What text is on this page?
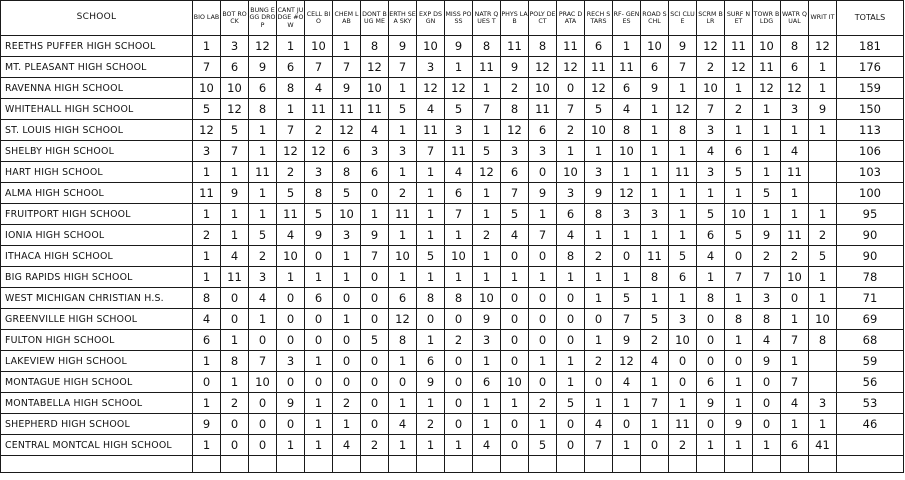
SCHOOL	BIO LAB	BOT ROCK	BUNG EGG DROP	CANT JUDGE #OW	CELL BIO	CHEM LAB	DONT BUG ME	ERTH SEA SKY	EXP DSGN	MISS POSS	NATR QUES T	PHYS LAB	POLY DECT	PRAC DATA	RECH STARS	RF- GENES	ROAD SCHL	SCI CLUE	SCRM BLR	SURF NET	TOWR BLDG	WATR QUAL	WRIT IT	TOTALS
REETHS PUFFER HIGH SCHOOL	1	3	12	1	10	1	8	9	10	9	8	11	8	11	6	1	10	9	12	11	10	8	12	181
MT. PLEASANT HIGH SCHOOL	7	6	9	6	7	7	12	7	3	1	11	9	12	12	11	11	6	7	2	12	11	6	1	176
RAVENNA HIGH SCHOOL	10	10	6	8	4	9	10	1	12	12	1	2	10	0	12	6	9	1	10	1	12	12	1	159
WHITEHALL HIGH SCHOOL	5	12	8	1	11	11	11	5	4	5	7	8	11	7	5	4	1	12	7	2	1	3	9	150
ST. LOUIS HIGH SCHOOL	12	5	1	7	2	12	4	1	11	3	1	12	6	2	10	8	1	8	3	1	1	1	1	113
SHELBY HIGH SCHOOL	3	7	1	12	12	6	3	3	7	11	5	3	3	1	1	10	1	1	4	6	1	4		106
HART HIGH SCHOOL	1	1	11	2	3	8	6	1	1	4	12	6	0	10	3	1	1	11	3	5	1	11		103
ALMA HIGH SCHOOL	11	9	1	5	8	5	0	2	1	6	1	7	9	3	9	12	1	1	1	1	5	1		100
FRUITPORT HIGH SCHOOL	1	1	1	11	5	10	1	11	1	7	1	5	1	6	8	3	3	1	5	10	1	1	1	95
IONIA HIGH SCHOOL	2	1	5	4	9	3	9	1	1	1	2	4	7	4	1	1	1	1	6	5	9	11	2	90
ITHACA HIGH SCHOOL	1	4	2	10	0	1	7	10	5	10	1	0	0	8	2	0	11	5	4	0	2	2	5	90
BIG RAPIDS HIGH SCHOOL	1	11	3	1	1	1	0	1	1	1	1	1	1	1	1	1	8	6	1	7	7	10	1	78
WEST MICHIGAN CHRISTIAN H.S.	8	0	4	0	6	0	0	6	8	8	10	0	0	0	1	5	1	1	8	1	3	0	1	71
GREENVILLE HIGH SCHOOL	4	0	1	0	0	1	0	12	0	0	9	0	0	0	0	7	5	3	0	8	8	1	10	69
FULTON HIGH SCHOOL	6	1	0	0	0	0	5	8	1	2	3	0	0	0	1	9	2	10	0	1	4	7	8	68
LAKEVIEW HIGH SCHOOL	1	8	7	3	1	0	0	1	6	0	1	0	1	1	2	12	4	0	0	0	9	1		59
MONTAGUE HIGH SCHOOL	0	1	10	0	0	0	0	0	9	0	6	10	0	1	0	4	1	0	6	1	0	7		56
MONTABELLA HIGH SCHOOL	1	2	0	9	1	2	0	1	1	0	1	1	2	5	1	1	7	1	9	1	0	4	3	53
SHEPHERD HIGH SCHOOL	9	0	0	0	1	1	0	4	2	0	1	0	1	0	4	0	1	11	0	9	0	1	1	46
CENTRAL MONTCAL HIGH SCHOOL	1	0	0	1	1	4	2	1	1	1	4	0	5	0	7	1	0	2	1	1	1	6	41	
